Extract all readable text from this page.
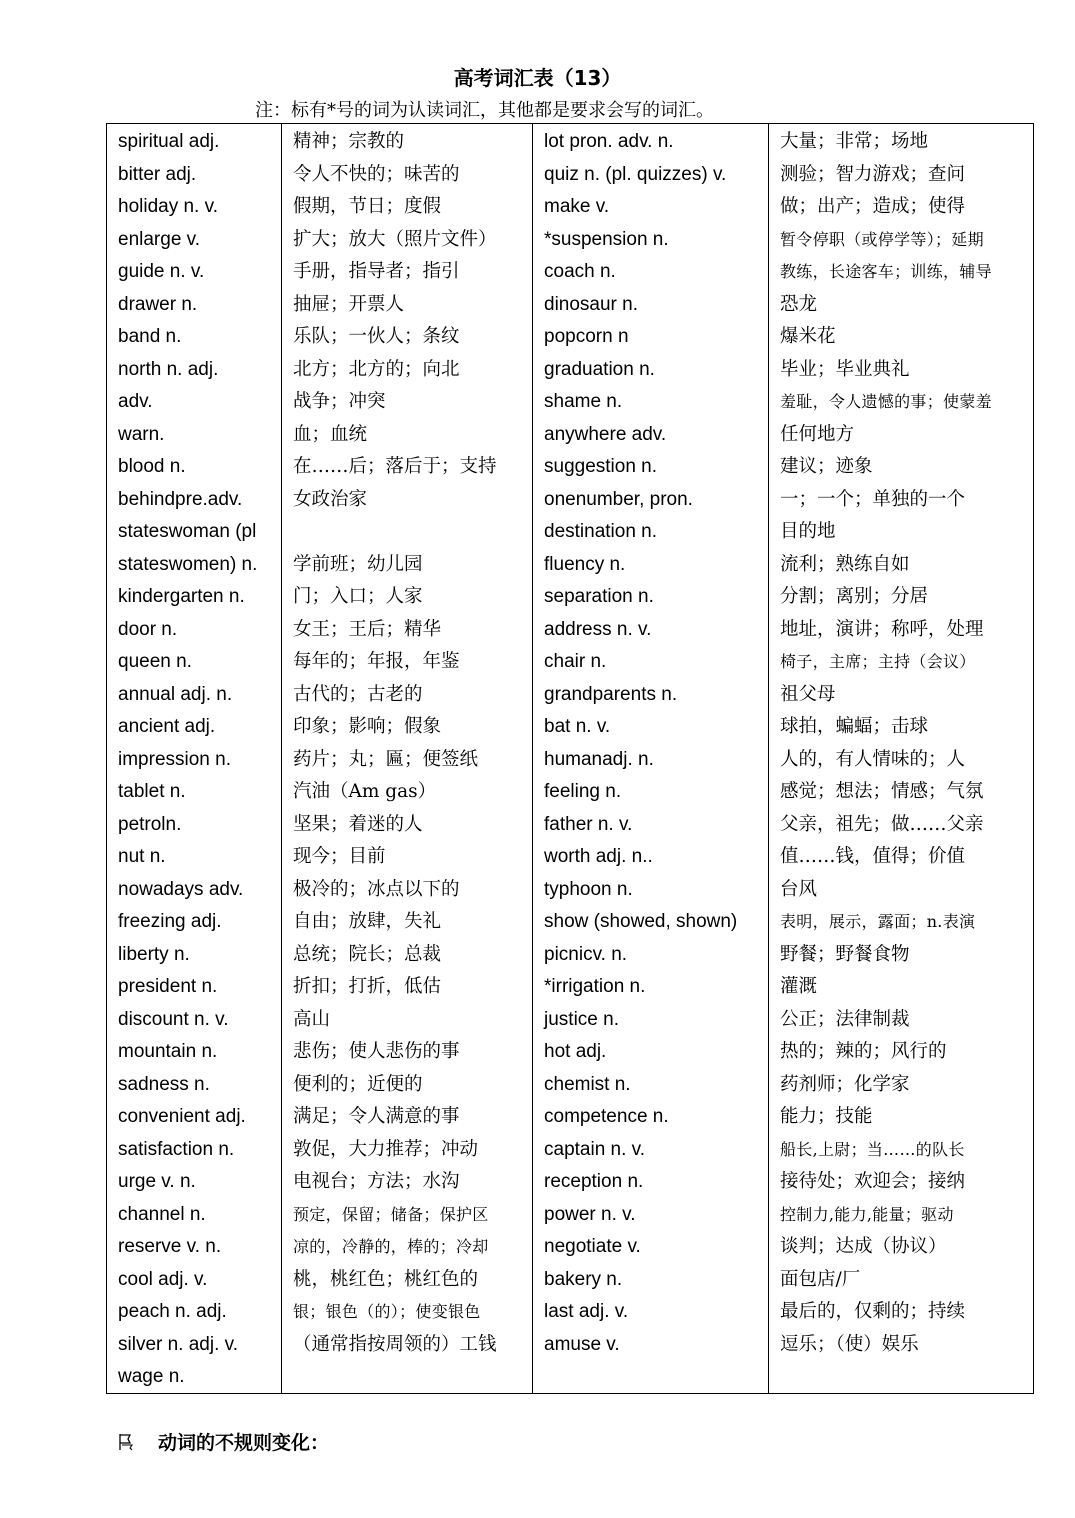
高考词汇表（13）
注：标有*号的词为认读词汇，其他都是要求会写的词汇。
spiritual adj.
bitter adj.
holiday n. v.
enlarge v.
guide n. v.
drawer n.
band n.
north n. adj.
adv.
warn.
blood n.
behindpre.adv.
stateswoman (pl
stateswomen) n.
kindergarten n.
door n.
queen n.
annual adj. n.
ancient adj.
impression n.
tablet n.
petroln.
nut n.
nowadays adv.
freezing adj.
liberty n.
president n.
discount n. v.
mountain n.
sadness n.
convenient adj.
satisfaction n.
urge v. n.
channel n.
reserve v. n.
cool adj. v.
peach n. adj.
silver n. adj. v.
wage n.
精神；宗教的
令人不快的；味苦的
假期，节日；度假
扩大；放大（照片文件）
手册，指导者；指引
抽屉；开票人
乐队；一伙人；条纹
北方；北方的；向北
战争；冲突
血；血统
在……后；落后于；支持
女政治家
学前班；幼儿园
门；入口；人家
女王；王后；精华
每年的；年报，年鉴
古代的；古老的
印象；影响；假象
药片；丸；匾；便签纸
汽油（Am gas）
坚果；着迷的人
现今；目前
极冷的；冰点以下的
自由；放肆，失礼
总统；院长；总裁
折扣；打折，低估
高山
悲伤；使人悲伤的事
便利的；近便的
满足；令人满意的事
敦促，大力推荐；冲动
电视台；方法；水沟
预定，保留；储备；保护区
凉的，冷静的，棒的；冷却
桃，桃红色；桃红色的
银；银色（的）；使变银色
（通常指按周领的）工钱
lot pron. adv. n.
quiz n. (pl. quizzes) v.
make v.
*suspension n.
coach n.
dinosaur n.
popcorn n
graduation n.
shame n.
anywhere adv.
suggestion n.
onenumber, pron.
destination n.
fluency n.
separation n.
address n. v.
chair n.
grandparents n.
bat n. v.
humanadj. n.
feeling n.
father n. v.
worth adj. n..
typhoon n.
show (showed, shown)
picnicv. n.
*irrigation n.
justice n.
hot adj.
chemist n.
competence n.
captain n. v.
reception n.
power n. v.
negotiate v.
bakery n.
last adj. v.
amuse v.
大量；非常；场地
测验；智力游戏；查问
做；出产；造成；使得
暂令停职（或停学等）；延期
教练，长途客车；训练，辅导
恐龙
爆米花
毕业；毕业典礼
羞耻，令人遗憾的事；使蒙羞
任何地方
建议；迹象
一；一个；单独的一个
目的地
流利；熟练自如
分割；离别；分居
地址，演讲；称呼，处理
椅子，主席；主持（会议）
祖父母
球拍，蝙蝠；击球
人的，有人情味的；人
感觉；想法；情感；气氛
父亲，祖先；做……父亲
值……钱，值得；价值
台风
表明，展示，露面；n.表演
野餐；野餐食物
灌溉
公正；法律制裁
热的；辣的；风行的
药剂师；化学家
能力；技能
船长,上尉；当……的队长
接待处；欢迎会；接纳
控制力,能力,能量；驱动
谈判；达成（协议）
面包店/厂
最后的，仅剩的；持续
逗乐；（使）娱乐
动词的不规则变化：
